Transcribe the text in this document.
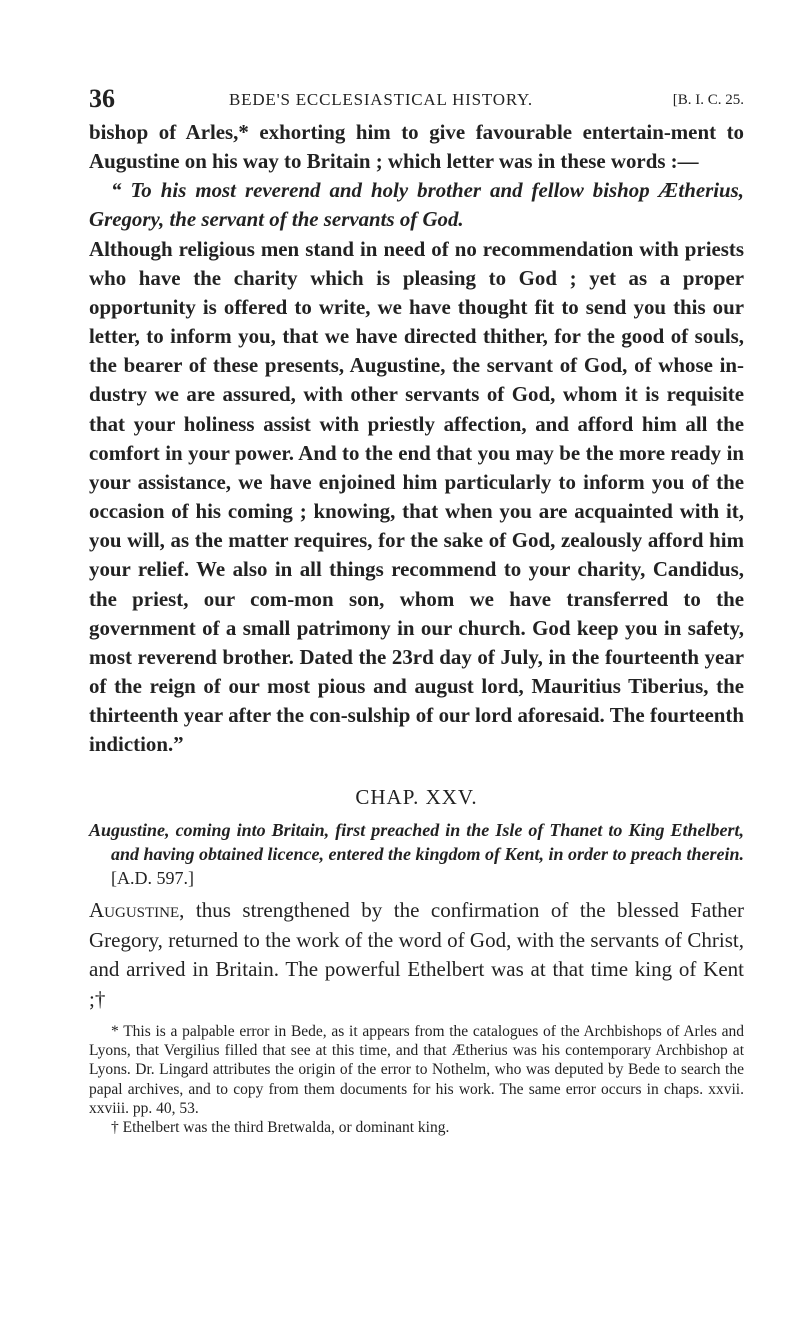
36	BEDE'S ECCLESIASTICAL HISTORY.	[B. I. C. 25.

bishop of Arles,* exhorting him to give favourable entertain-ment to Augustine on his way to Britain ; which letter was in these words :—

“ To his most reverend and holy brother and fellow bishop Ætherius, Gregory, the servant of the servants of God.

Although religious men stand in need of no recommendation with priests who have the charity which is pleasing to God ; yet as a proper opportunity is offered to write, we have thought fit to send you this our letter, to inform you, that we have directed thither, for the good of souls, the bearer of these presents, Augustine, the servant of God, of whose in-dustry we are assured, with other servants of God, whom it is requisite that your holiness assist with priestly affection, and afford him all the comfort in your power. And to the end that you may be the more ready in your assistance, we have enjoined him particularly to inform you of the occasion of his coming ; knowing, that when you are acquainted with it, you will, as the matter requires, for the sake of God, zealously afford him your relief. We also in all things recommend to your charity, Candidus, the priest, our com-mon son, whom we have transferred to the government of a small patrimony in our church. God keep you in safety, most reverend brother. Dated the 23rd day of July, in the fourteenth year of the reign of our most pious and august lord, Mauritius Tiberius, the thirteenth year after the con-sulship of our lord aforesaid. The fourteenth indiction.”

CHAP. XXV.
Augustine, coming into Britain, first preached in the Isle of Thanet to King Ethelbert, and having obtained licence, entered the kingdom of Kent, in order to preach therein. [A.D. 597.]

Augustine, thus strengthened by the confirmation of the blessed Father Gregory, returned to the work of the word of God, with the servants of Christ, and arrived in Britain. The powerful Ethelbert was at that time king of Kent ;†

* This is a palpable error in Bede, as it appears from the catalogues of the Archbishops of Arles and Lyons, that Vergilius filled that see at this time, and that Ætherius was his contemporary Archbishop at Lyons. Dr. Lingard attributes the origin of the error to Nothelm, who was deputed by Bede to search the papal archives, and to copy from them documents for his work. The same error occurs in chaps. xxvii. xxviii. pp. 40, 53.

† Ethelbert was the third Bretwalda, or dominant king.
